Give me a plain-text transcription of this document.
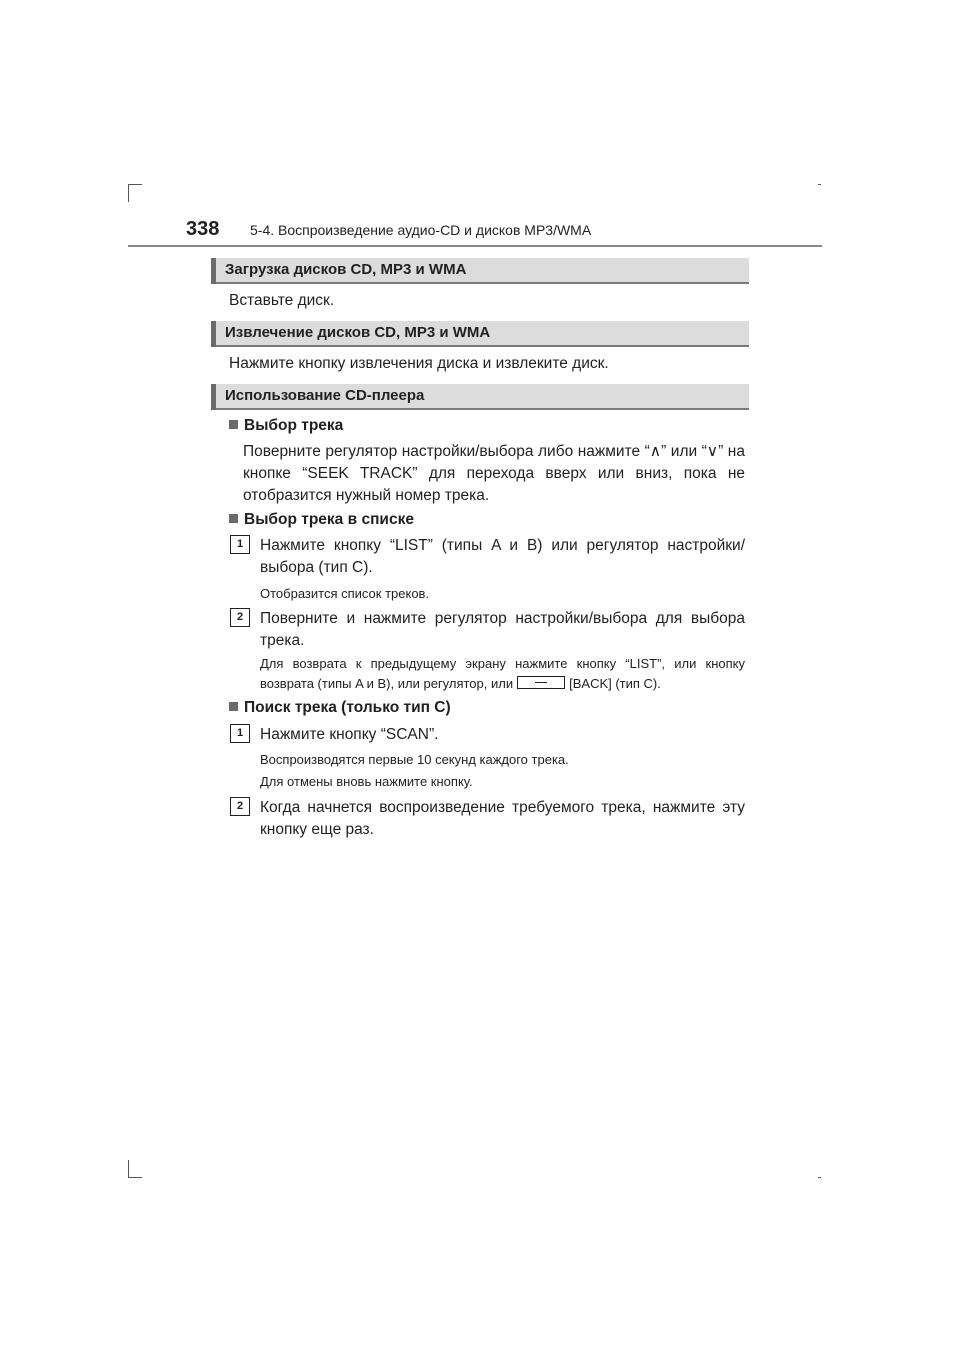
338 5-4. Воспроизведение аудио-CD и дисков MP3/WMA
Загрузка дисков CD, MP3 и WMA
Вставьте диск.
Извлечение дисков CD, MP3 и WMA
Нажмите кнопку извлечения диска и извлеките диск.
Использование CD-плеера
Выбор трека
Поверните регулятор настройки/выбора либо нажмите “∧” или “∨” на
кнопке “SEEK TRACK” для перехода вверх или вниз, пока не
отобразится нужный номер трека.
Выбор трека в списке
1	Нажмите кнопку “LIST” (типы A и B) или регулятор настройки/
выбора (тип C).
Отобразится список треков.
2	Поверните и нажмите регулятор настройки/выбора для выбора
трека.
Для возврата к предыдущему экрану нажмите кнопку “LIST”, или кнопку
возврата (типы A и B), или регулятор, или	[BACK] (тип C).
Поиск трека (только тип C)
1	Нажмите кнопку “SCAN”.
Воспроизводятся первые 10 секунд каждого трека.
Для отмены вновь нажмите кнопку.
2	Когда начнется воспроизведение требуемого трека, нажмите эту
кнопку еще раз.
